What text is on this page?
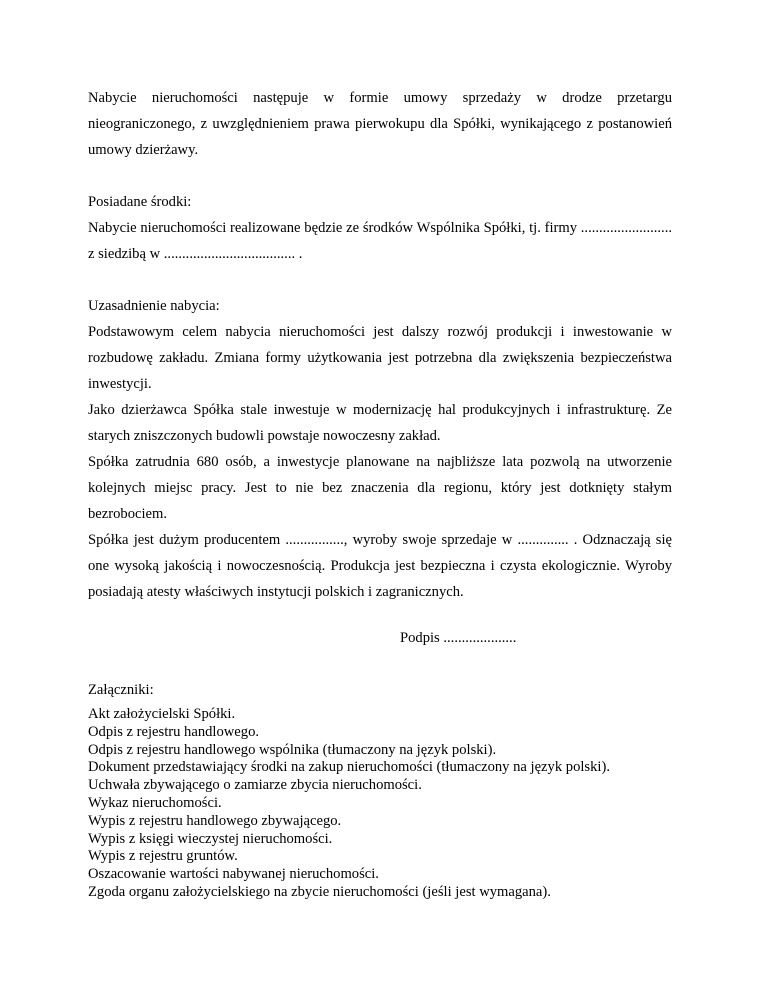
Nabycie nieruchomości następuje w formie umowy sprzedaży w drodze przetargu nieograniczonego, z uwzględnieniem prawa pierwokupu dla Spółki, wynikającego z postanowień umowy dzierżawy.

Posiadane środki:

Nabycie nieruchomości realizowane będzie ze środków Wspólnika Spółki, tj. firmy ......................... z siedzibą w .................................... .

Uzasadnienie nabycia:

Podstawowym celem nabycia nieruchomości jest dalszy rozwój produkcji i inwestowanie w rozbudowę zakładu. Zmiana formy użytkowania jest potrzebna dla zwiększenia bezpieczeństwa inwestycji.

Jako dzierżawca Spółka stale inwestuje w modernizację hal produkcyjnych i infrastrukturę. Ze starych zniszczonych budowli powstaje nowoczesny zakład.

Spółka zatrudnia 680 osób, a inwestycje planowane na najbliższe lata pozwolą na utworzenie kolejnych miejsc pracy. Jest to nie bez znaczenia dla regionu, który jest dotknięty stałym bezrobociem.

Spółka jest dużym producentem ................, wyroby swoje sprzedaje w .............. . Odznaczają się one wysoką jakością i nowoczesnością. Produkcja jest bezpieczna i czysta ekologicznie. Wyroby posiadają atesty właściwych instytucji polskich i zagranicznych.

Podpis ....................
Załączniki:
Akt założycielski Spółki.
Odpis z rejestru handlowego.
Odpis z rejestru handlowego wspólnika (tłumaczony na język polski).
Dokument przedstawiający środki na zakup nieruchomości (tłumaczony na język polski).
Uchwała zbywającego o zamiarze zbycia nieruchomości.
Wykaz nieruchomości.
Wypis z rejestru handlowego zbywającego.
Wypis z księgi wieczystej nieruchomości.
Wypis z rejestru gruntów.
Oszacowanie wartości nabywanej nieruchomości.
Zgoda organu założycielskiego na zbycie nieruchomości (jeśli jest wymagana).
